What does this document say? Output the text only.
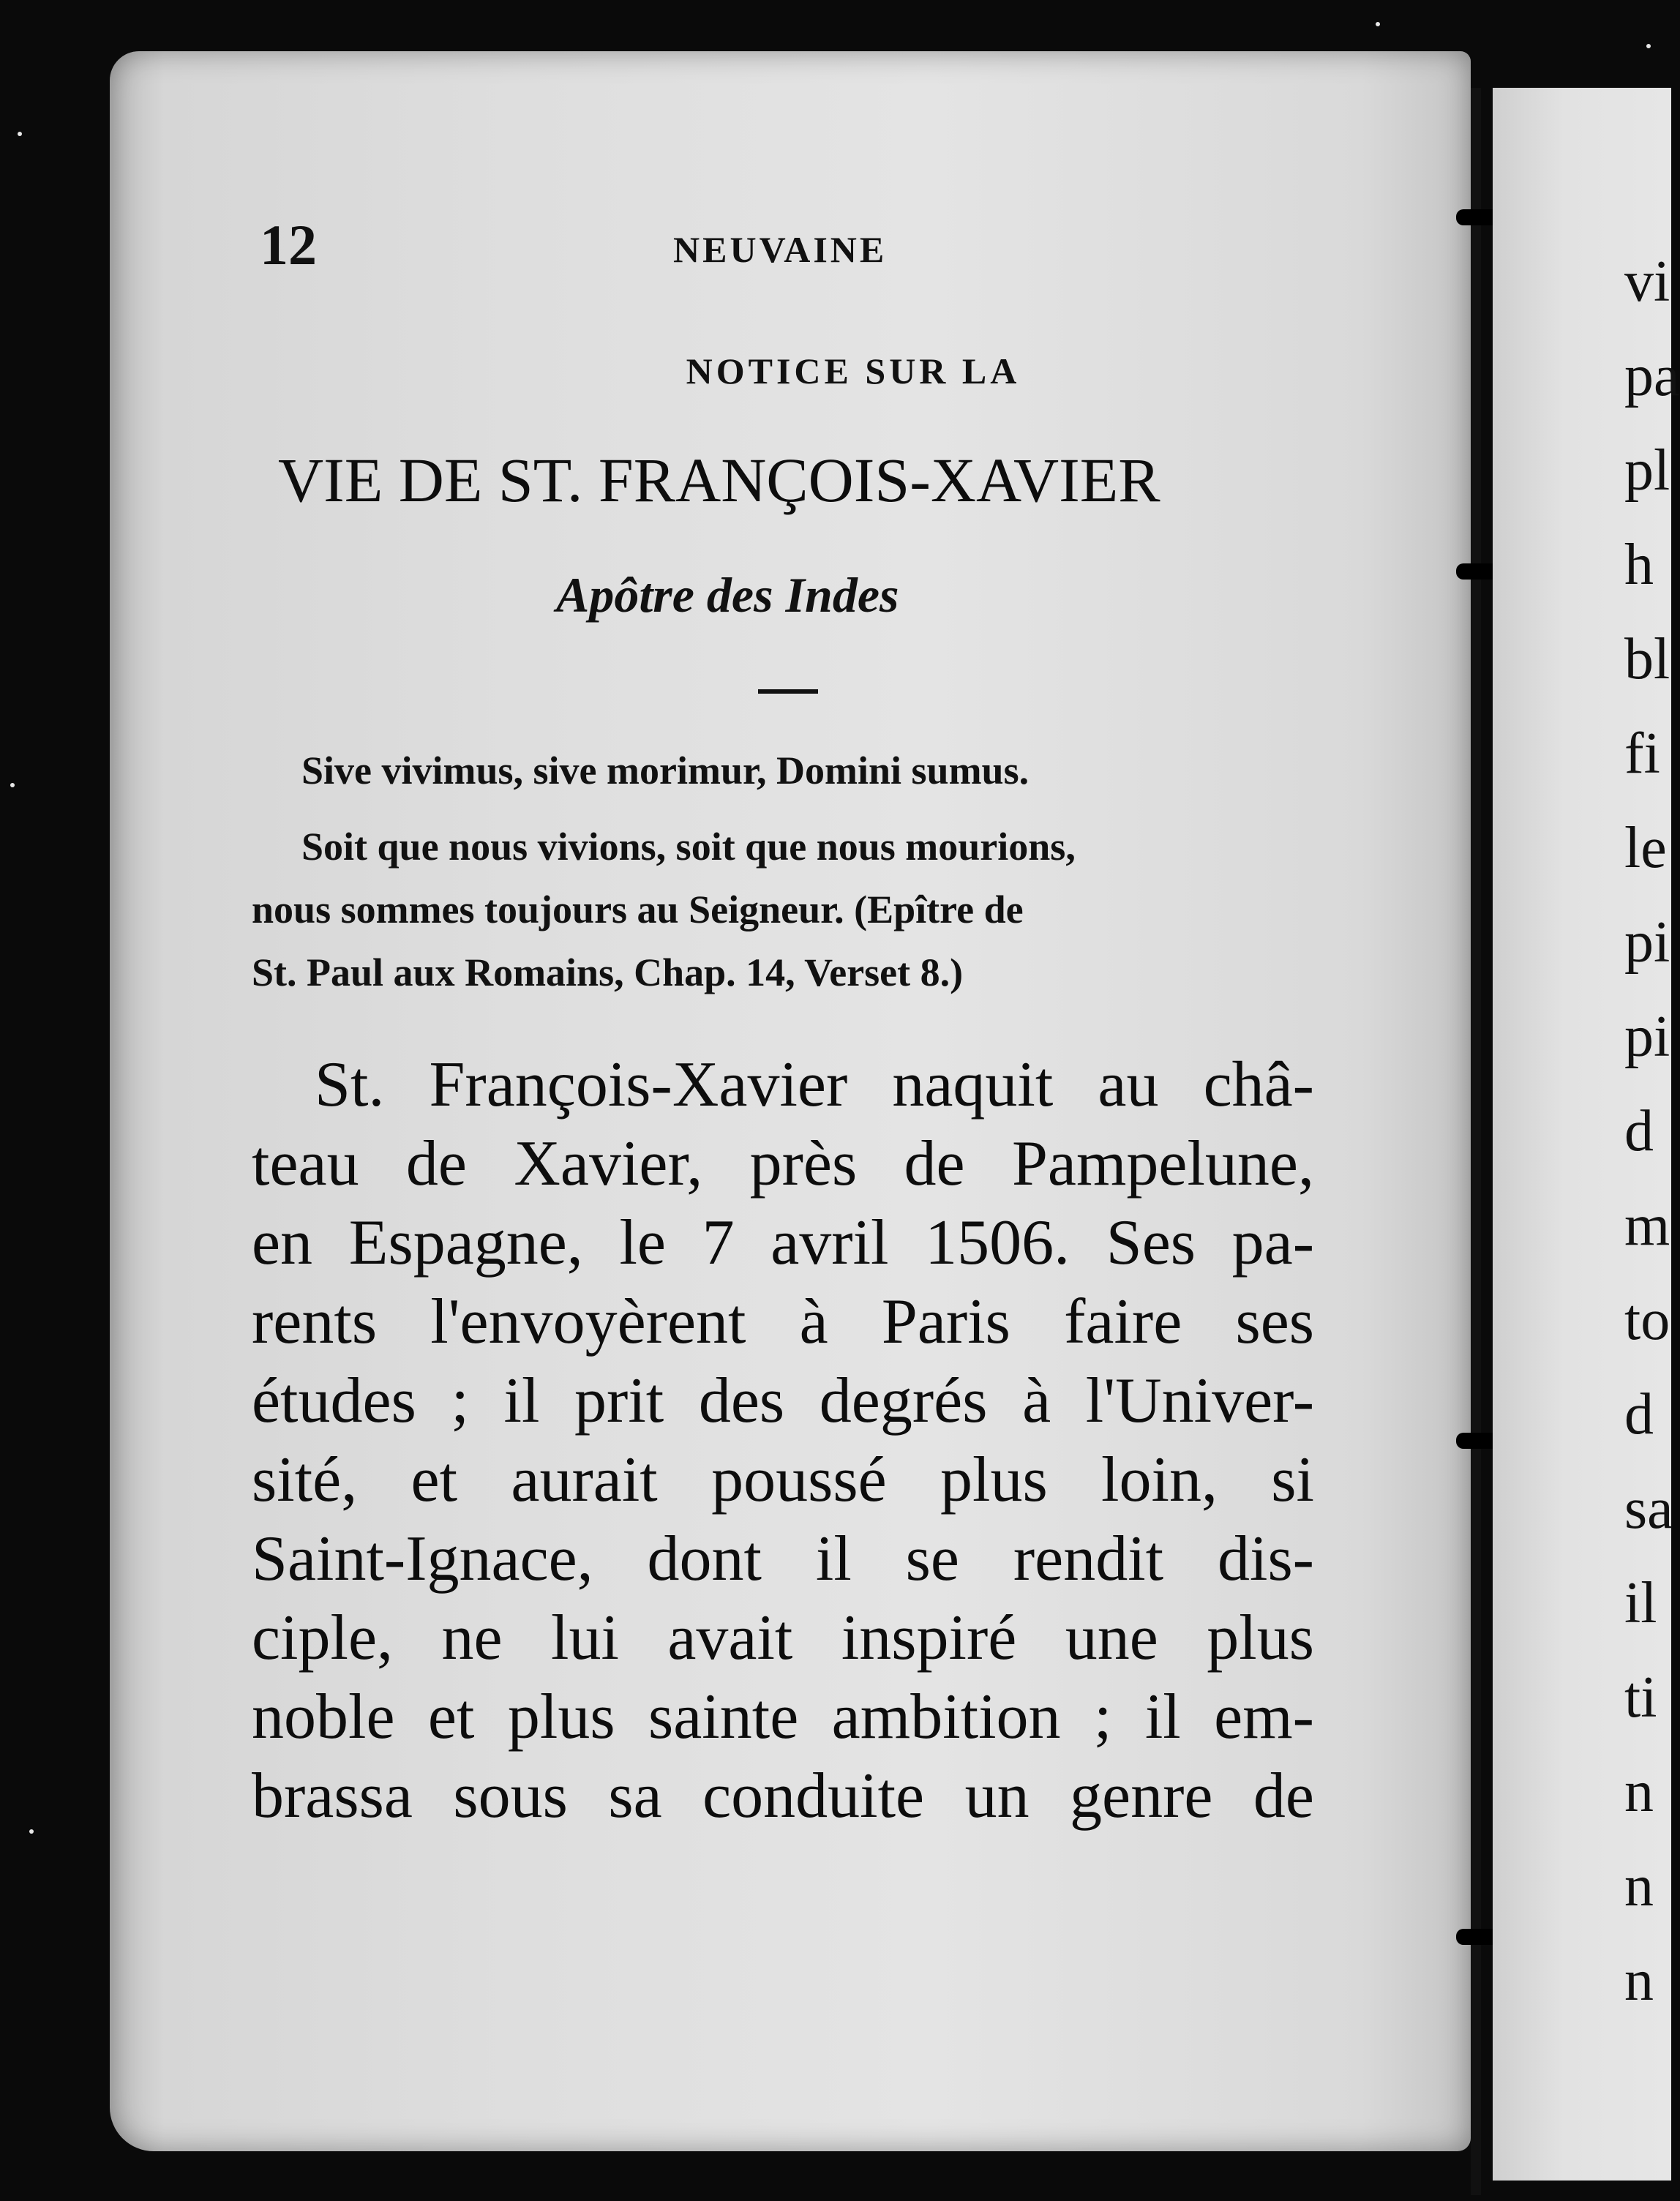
vi
pa
pl
h
bl
fi
le
pi
pi
d
m
to
d
sa
il
ti
n
n
n
12	NEUVAINE
NOTICE SUR LA
VIE DE ST. FRANÇOIS-XAVIER
Apôtre des Indes
Sive vivimus, sive morimur, Domini sumus.
Soit que nous vivions, soit que nous mourions,
nous sommes toujours au Seigneur. (Epître de
St. Paul aux Romains, Chap. 14, Verset 8.)
St. François-Xavier naquit au châ-
teau de Xavier, près de Pampelune,
en Espagne, le 7 avril 1506. Ses pa-
rents l'envoyèrent à Paris faire ses
études ; il prit des degrés à l'Univer-
sité, et aurait poussé plus loin, si
Saint-Ignace, dont il se rendit dis-
ciple, ne lui avait inspiré une plus
noble et plus sainte ambition ; il em-
brassa sous sa conduite un genre de
